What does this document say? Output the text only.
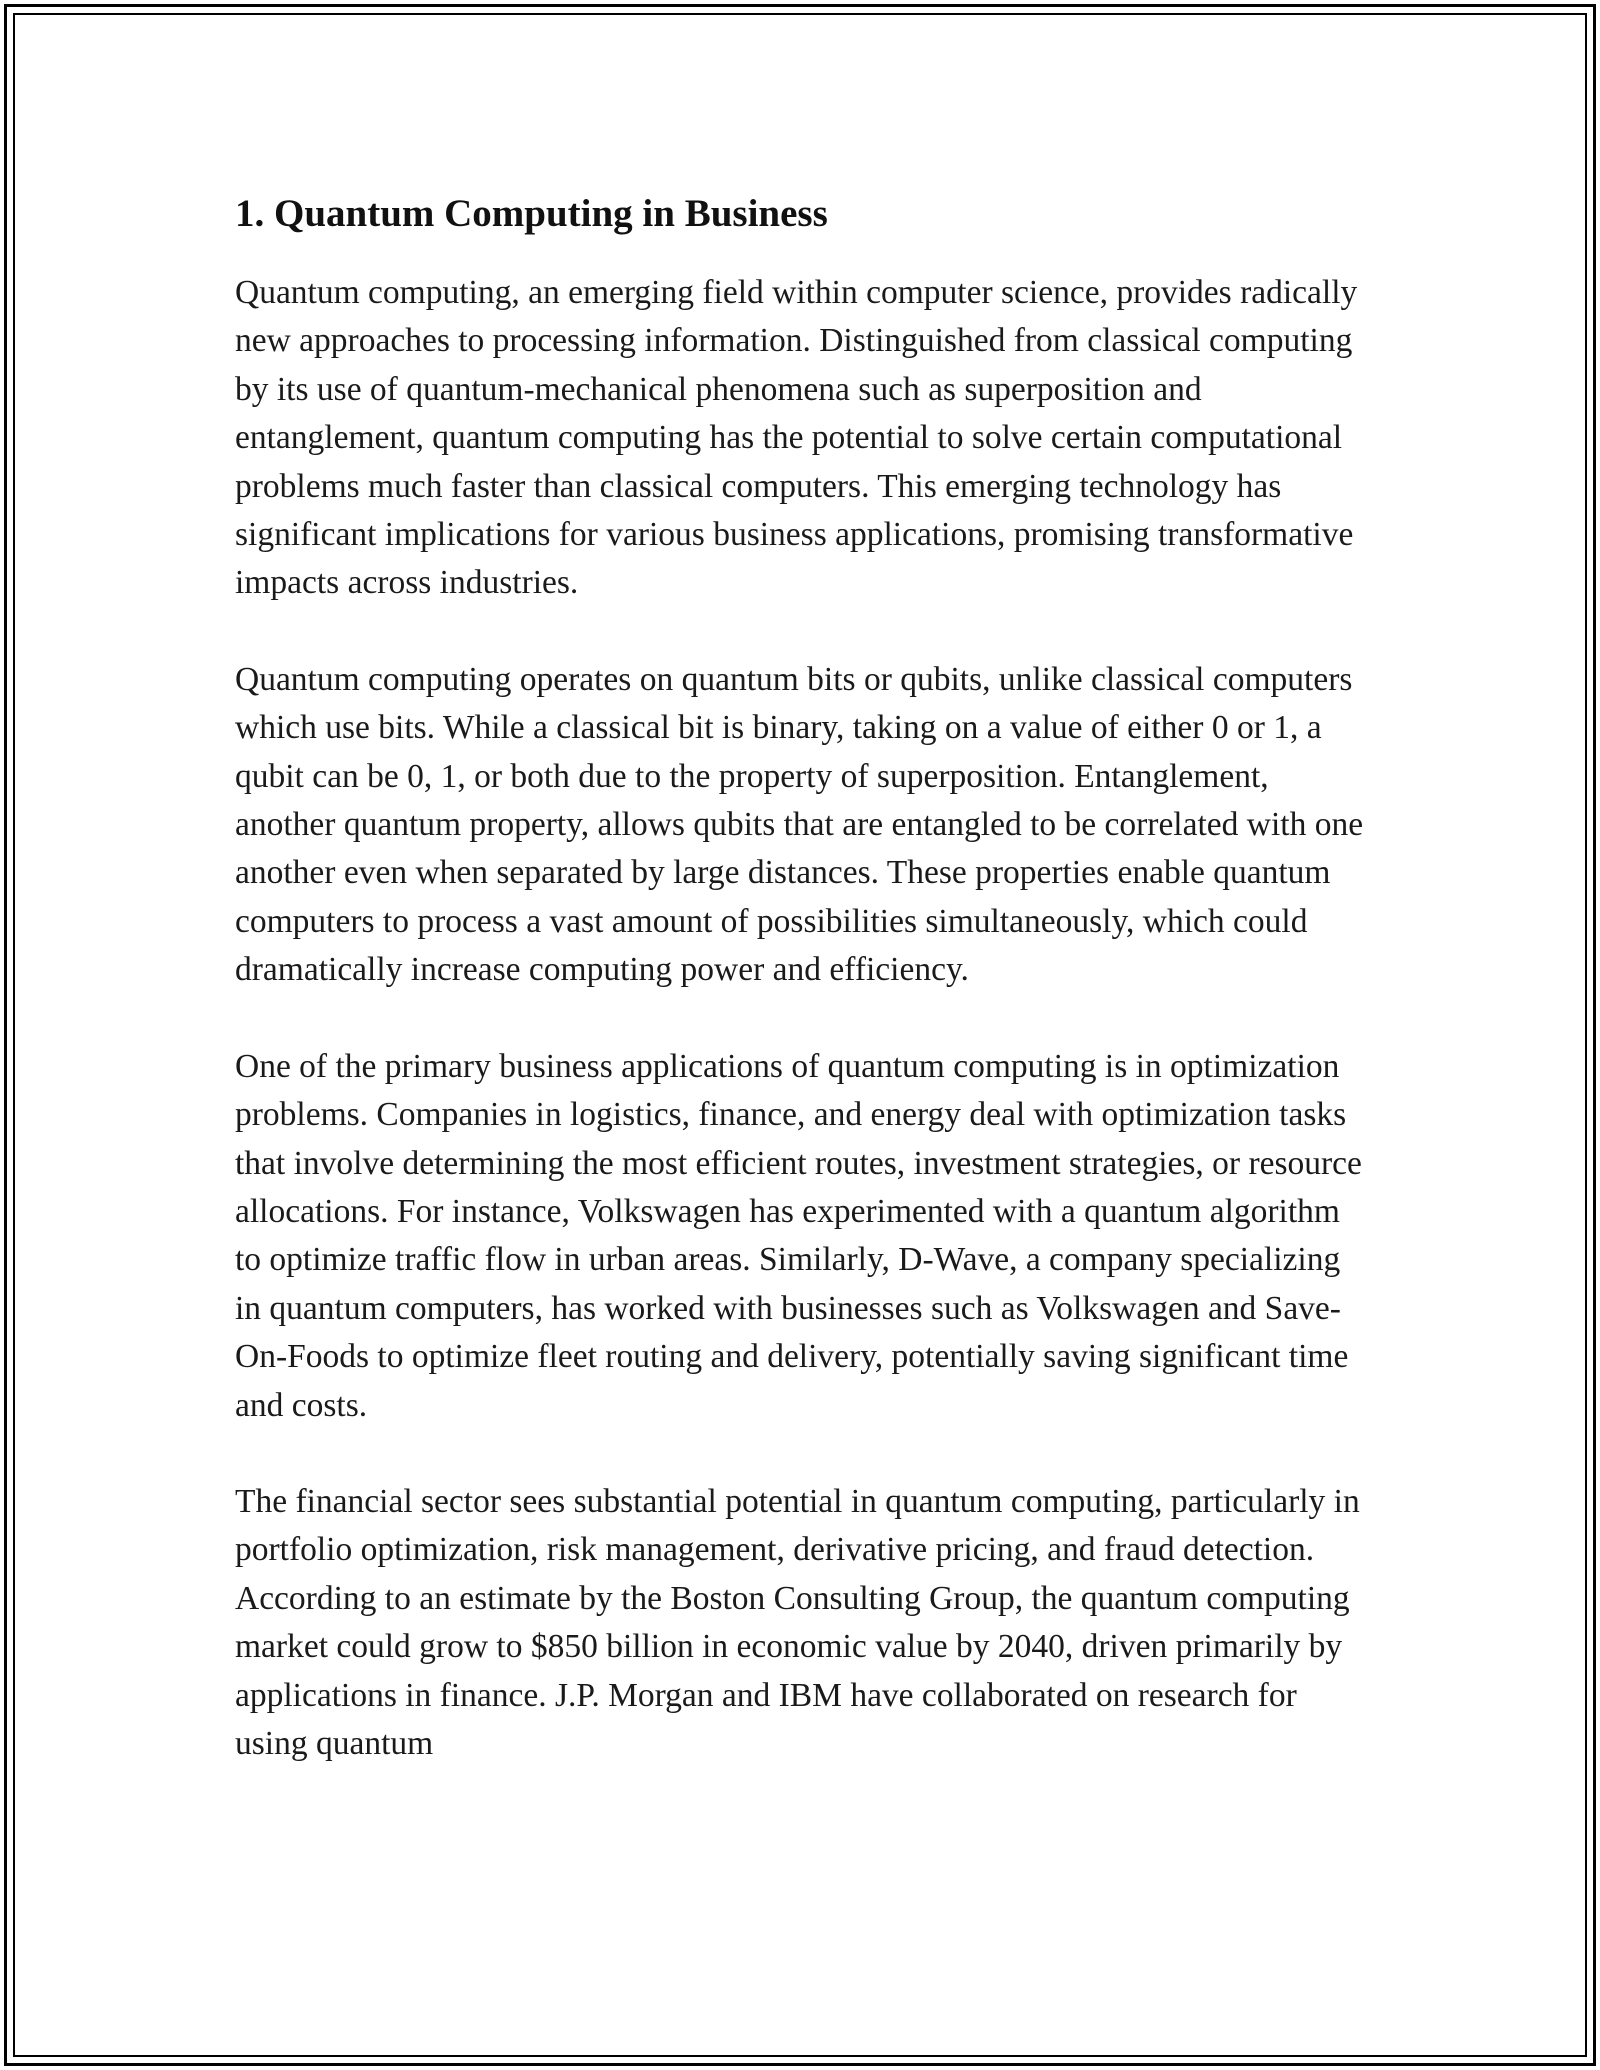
1. Quantum Computing in Business

Quantum computing, an emerging field within computer science, provides radically new approaches to processing information. Distinguished from classical computing by its use of quantum-mechanical phenomena such as superposition and entanglement, quantum computing has the potential to solve certain computational problems much faster than classical computers. This emerging technology has significant implications for various business applications, promising transformative impacts across industries.

Quantum computing operates on quantum bits or qubits, unlike classical computers which use bits. While a classical bit is binary, taking on a value of either 0 or 1, a qubit can be 0, 1, or both due to the property of superposition. Entanglement, another quantum property, allows qubits that are entangled to be correlated with one another even when separated by large distances. These properties enable quantum computers to process a vast amount of possibilities simultaneously, which could dramatically increase computing power and efficiency.

One of the primary business applications of quantum computing is in optimization problems. Companies in logistics, finance, and energy deal with optimization tasks that involve determining the most efficient routes, investment strategies, or resource allocations. For instance, Volkswagen has experimented with a quantum algorithm to optimize traffic flow in urban areas. Similarly, D-Wave, a company specializing in quantum computers, has worked with businesses such as Volkswagen and Save-On-Foods to optimize fleet routing and delivery, potentially saving significant time and costs.

The financial sector sees substantial potential in quantum computing, particularly in portfolio optimization, risk management, derivative pricing, and fraud detection. According to an estimate by the Boston Consulting Group, the quantum computing market could grow to $850 billion in economic value by 2040, driven primarily by applications in finance. J.P. Morgan and IBM have collaborated on research for using quantum
